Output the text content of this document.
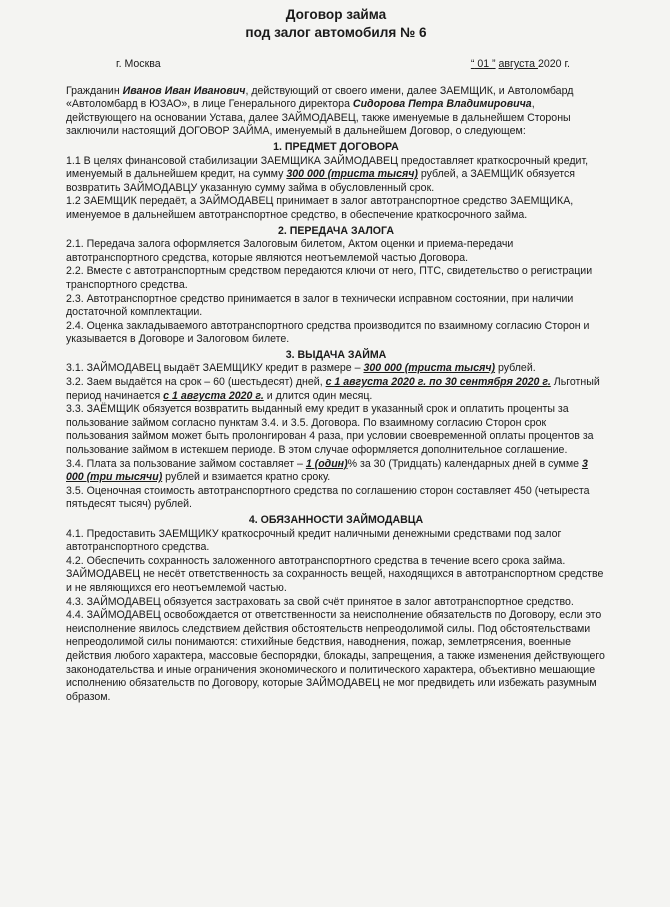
Договор займа

под залог автомобиля № 6

г. Москва	“ 01 ” августа 2020 г.

Гражданин Иванов Иван Иванович, действующий от своего имени, далее ЗАЕМЩИК, и Автоломбард «Автоломбард в ЮЗАО», в лице Генерального директора Сидорова Петра Владимировича, действующего на основании Устава, далее ЗАЙМОДАВЕЦ, также именуемые в дальнейшем Стороны заключили настоящий ДОГОВОР ЗАЙМА, именуемый в дальнейшем Договор, о следующем:

1. ПРЕДМЕТ ДОГОВОРА

1.1 В целях финансовой стабилизации ЗАЕМЩИКА ЗАЙМОДАВЕЦ предоставляет краткосрочный кредит, именуемый в дальнейшем кредит, на сумму 300 000 (триста тысяч) рублей, а ЗАЕМЩИК обязуется возвратить ЗАЙМОДАВЦУ указанную сумму займа в обусловленный срок.

1.2 ЗАЕМЩИК передаёт, а ЗАЙМОДАВЕЦ принимает в залог автотранспортное средство ЗАЕМЩИКА, именуемое в дальнейшем автотранспортное средство, в обеспечение краткосрочного займа.

2. ПЕРЕДАЧА ЗАЛОГА

2.1. Передача залога оформляется Залоговым билетом, Актом оценки и приема-передачи автотранспортного средства, которые являются неотъемлемой частью Договора.

2.2. Вместе с автотранспортным средством передаются ключи от него, ПТС, свидетельство о регистрации транспортного средства.

2.3. Автотранспортное средство принимается в залог в технически исправном состоянии, при наличии достаточной комплектации.

2.4. Оценка закладываемого автотранспортного средства производится по взаимному согласию Сторон и указывается в Договоре и Залоговом билете.

3. ВЫДАЧА ЗАЙМА

3.1. ЗАЙМОДАВЕЦ выдаёт ЗАЕМЩИКУ кредит в размере – 300 000 (триста тысяч) рублей.

3.2. Заем выдаётся на срок – 60 (шестьдесят) дней, с 1 августа 2020 г. по 30 сентября 2020 г. Льготный период начинается с 1 августа 2020 г. и длится один месяц.

3.3. ЗАЁМЩИК обязуется возвратить выданный ему кредит в указанный срок и оплатить проценты за пользование займом согласно пунктам 3.4. и 3.5. Договора. По взаимному согласию Сторон срок пользования займом может быть пролонгирован 4 раза, при условии своевременной оплаты процентов за пользование займом в истекшем периоде. В этом случае оформляется дополнительное соглашение.

3.4. Плата за пользование займом составляет – 1 (один)% за 30 (Тридцать) календарных дней в сумме 3 000 (три тысячи) рублей и взимается кратно сроку.

3.5. Оценочная стоимость автотранспортного средства по соглашению сторон составляет 450 (четыреста пятьдесят тысяч) рублей.

4. ОБЯЗАННОСТИ ЗАЙМОДАВЦА

4.1. Предоставить ЗАЕМЩИКУ краткосрочный кредит наличными денежными средствами под залог автотранспортного средства.

4.2. Обеспечить сохранность заложенного автотранспортного средства в течение всего срока займа. ЗАЙМОДАВЕЦ не несёт ответственность за сохранность вещей, находящихся в автотранспортном средстве и не являющихся его неотъемлемой частью.

4.3. ЗАЙМОДАВЕЦ обязуется застраховать за свой счёт принятое в залог автотранспортное средство.

4.4. ЗАЙМОДАВЕЦ освобождается от ответственности за неисполнение обязательств по Договору, если это неисполнение явилось следствием действия обстоятельств непреодолимой силы. Под обстоятельствами непреодолимой силы понимаются: стихийные бедствия, наводнения, пожар, землетрясения, военные действия любого характера, массовые беспорядки, блокады, запрещения, а также изменения действующего законодательства и иные ограничения экономического и политического характера, объективно мешающие исполнению обязательств по Договору, которые ЗАЙМОДАВЕЦ не мог предвидеть или избежать разумным образом.
